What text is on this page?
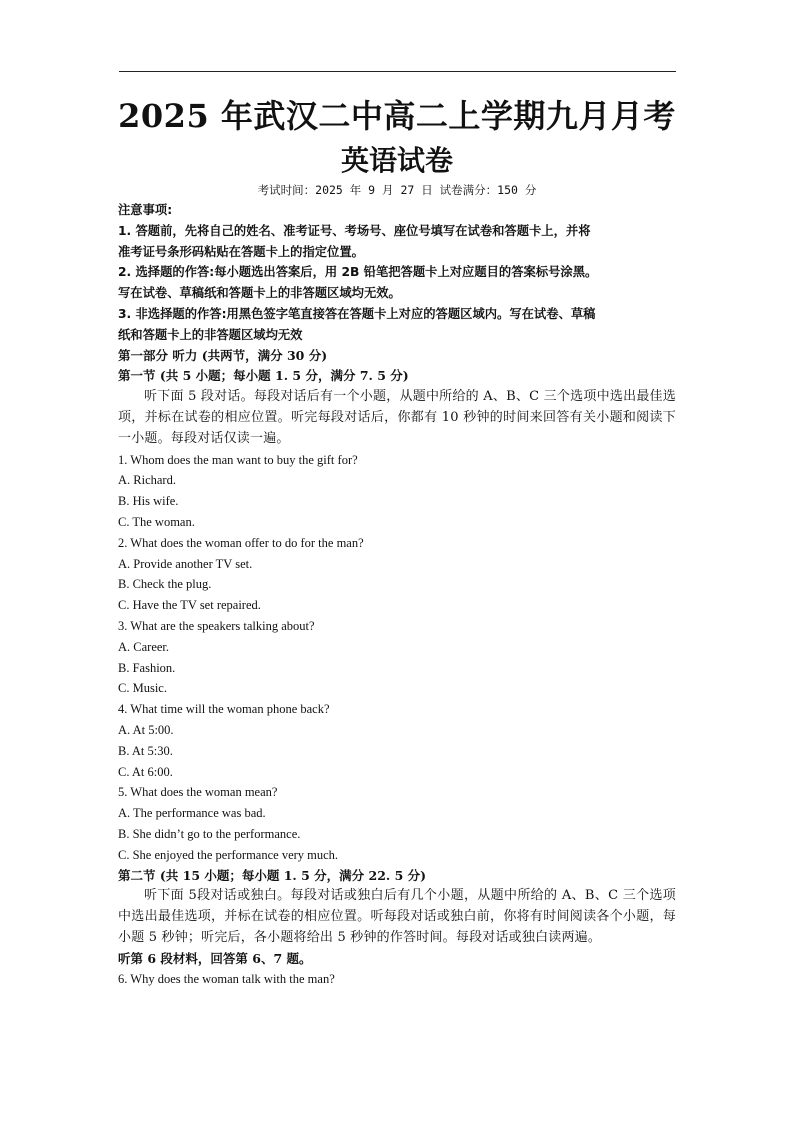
2025 年武汉二中高二上学期九月月考
英语试卷
考试时间：2025 年 9 月 27 日 试卷满分：150 分
注意事项:
1. 答题前，先将自己的姓名、准考证号、考场号、座位号填写在试卷和答题卡上，并将
准考证号条形码粘贴在答题卡上的指定位置。
2. 选择题的作答:每小题选出答案后，用 2B 铅笔把答题卡上对应题目的答案标号涂黑。
写在试卷、草稿纸和答题卡上的非答题区域均无效。
3. 非选择题的作答:用黑色签字笔直接答在答题卡上对应的答题区域内。写在试卷、草稿
纸和答题卡上的非答题区域均无效
第一部分 听力 (共两节，满分 30 分)
第一节 (共 5 小题；每小题 1. 5 分，满分 7. 5 分)
听下面 5 段对话。每段对话后有一个小题，从题中所给的 A、B、C 三个选项中选出最佳选项，并标在试卷的相应位置。听完每段对话后，你都有 10 秒钟的时间来回答有关小题和阅读下一小题。每段对话仅读一遍。
1. Whom does the man want to buy the gift for?
A. Richard.
B. His wife.
C. The woman.
2. What does the woman offer to do for the man?
A. Provide another TV set.
B. Check the plug.
C. Have the TV set repaired.
3. What are the speakers talking about?
A. Career.
B. Fashion.
C. Music.
4. What time will the woman phone back?
A. At 5:00.
B. At 5:30.
C. At 6:00.
5. What does the woman mean?
A. The performance was bad.
B. She didn’t go to the performance.
C. She enjoyed the performance very much.
第二节 (共 15 小题；每小题 1. 5 分，满分 22. 5 分)
听下面 5段对话或独白。每段对话或独白后有几个小题，从题中所给的 A、B、C 三个选项中选出最佳选项，并标在试卷的相应位置。听每段对话或独白前，你将有时间阅读各个小题，每小题 5 秒钟；听完后，各小题将给出 5 秒钟的作答时间。每段对话或独白读两遍。
听第 6 段材料，回答第 6、7 题。
6. Why does the woman talk with the man?
